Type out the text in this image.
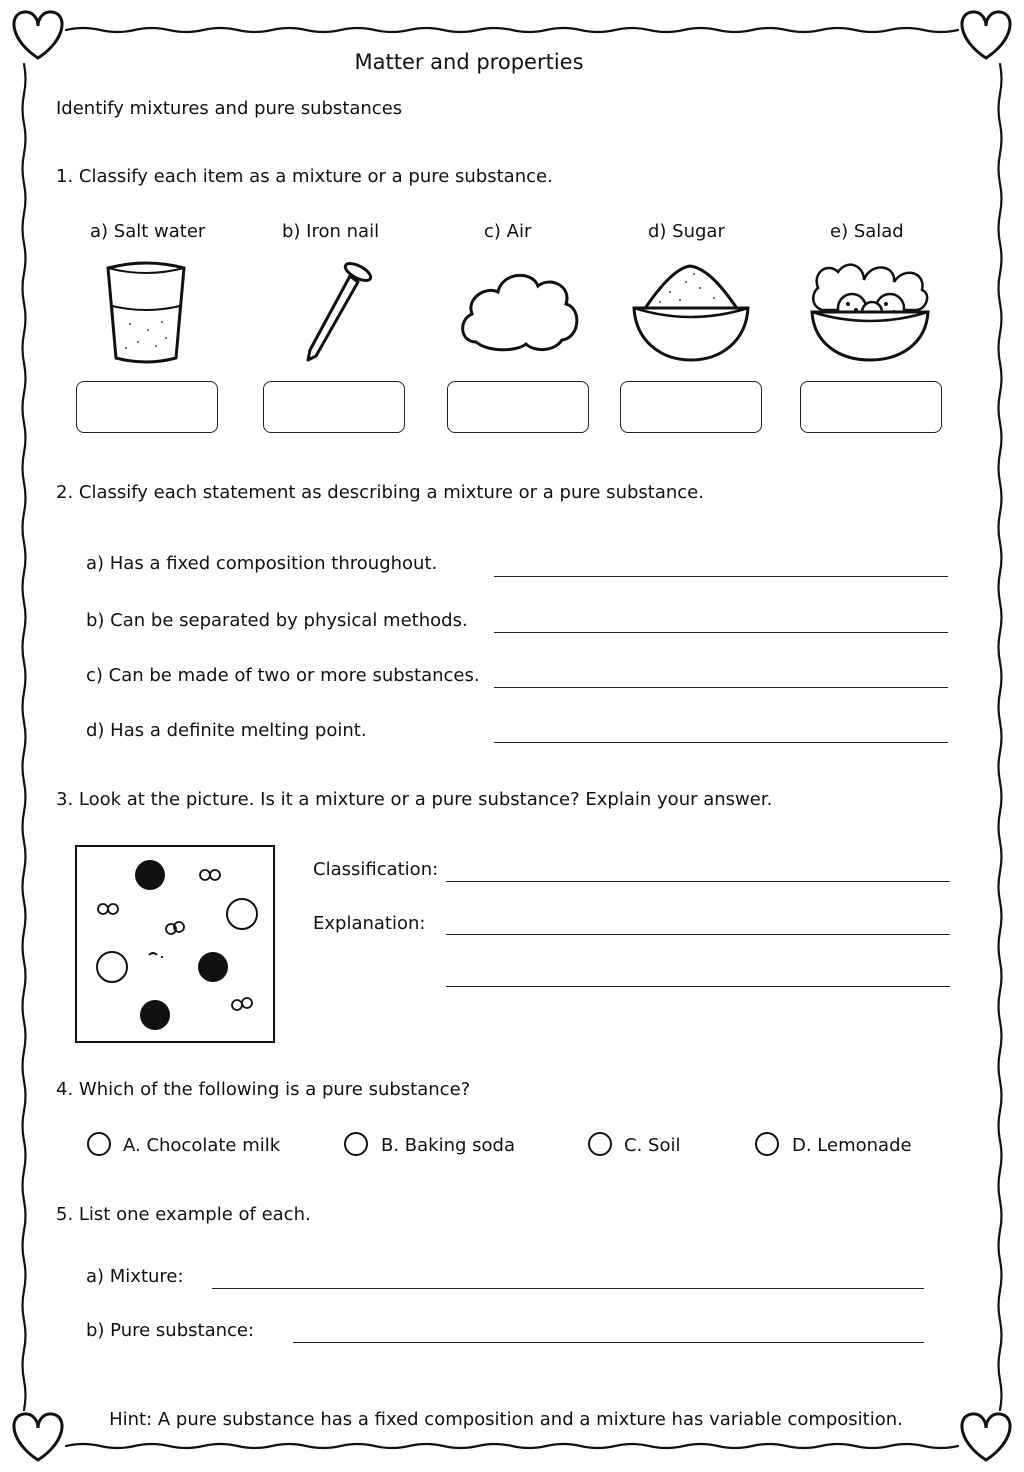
Matter and properties
Identify mixtures and pure substances
1. Classify each item as a mixture or a pure substance.
a) Salt water	b) Iron nail	c) Air	d) Sugar	e) Salad
2. Classify each statement as describing a mixture or a pure substance.
a) Has a fixed composition throughout.
b) Can be separated by physical methods.
c) Can be made of two or more substances.
d) Has a definite melting point.
3. Look at the picture. Is it a mixture or a pure substance? Explain your answer.
Classification:
Explanation:
4. Which of the following is a pure substance?
A. Chocolate milk	B. Baking soda	C. Soil	D. Lemonade
5. List one example of each.
a) Mixture:
b) Pure substance:
Hint: A pure substance has a fixed composition and a mixture has variable composition.
